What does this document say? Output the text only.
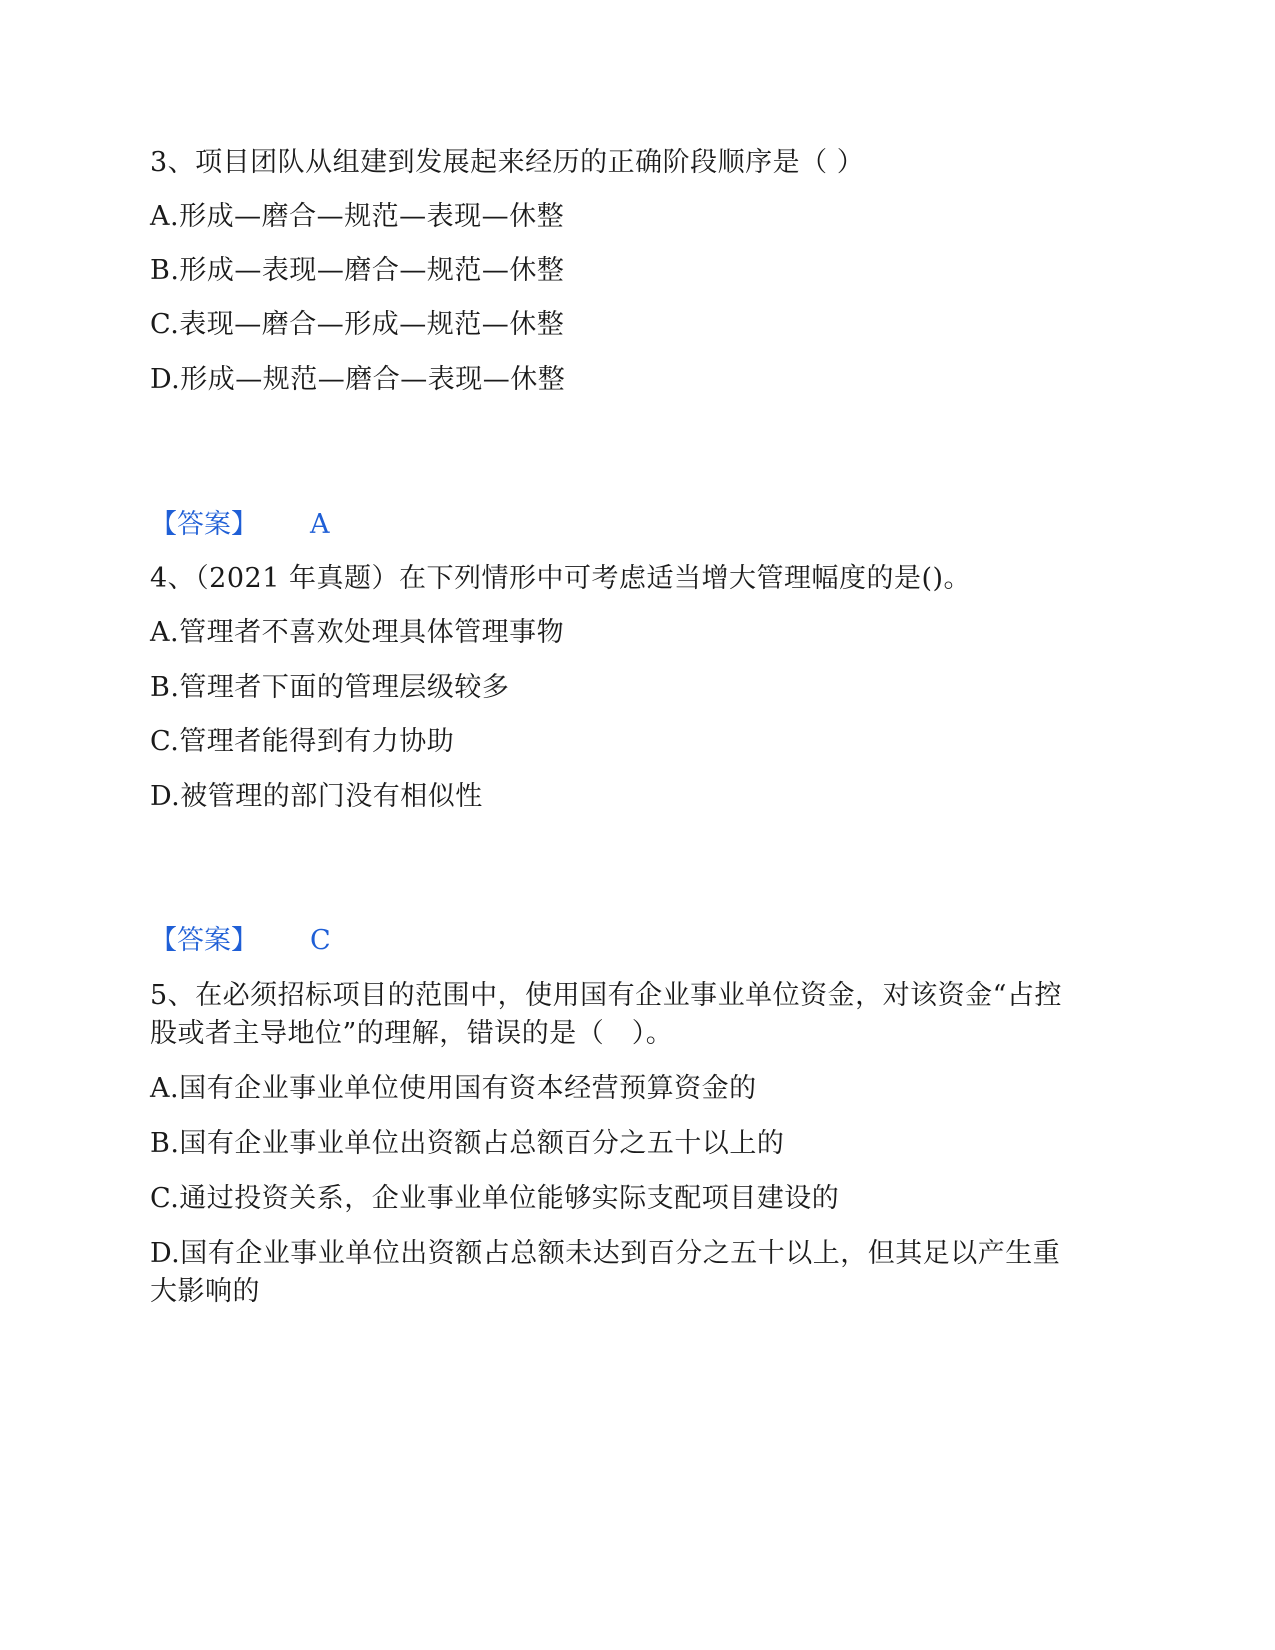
3、项目团队从组建到发展起来经历的正确阶段顺序是（ ）
A.形成—磨合—规范—表现—休整
B.形成—表现—磨合—规范—休整
C.表现—磨合—形成—规范—休整
D.形成—规范—磨合—表现—休整
【答案】 A
4、（2021 年真题）在下列情形中可考虑适当增大管理幅度的是()。
A.管理者不喜欢处理具体管理事物
B.管理者下面的管理层级较多
C.管理者能得到有力协助
D.被管理的部门没有相似性
【答案】 C
5、在必须招标项目的范围中，使用国有企业事业单位资金，对该资金“占控
股或者主导地位”的理解，错误的是（　）。
A.国有企业事业单位使用国有资本经营预算资金的
B.国有企业事业单位出资额占总额百分之五十以上的
C.通过投资关系，企业事业单位能够实际支配项目建设的
D.国有企业事业单位出资额占总额未达到百分之五十以上，但其足以产生重
大影响的
